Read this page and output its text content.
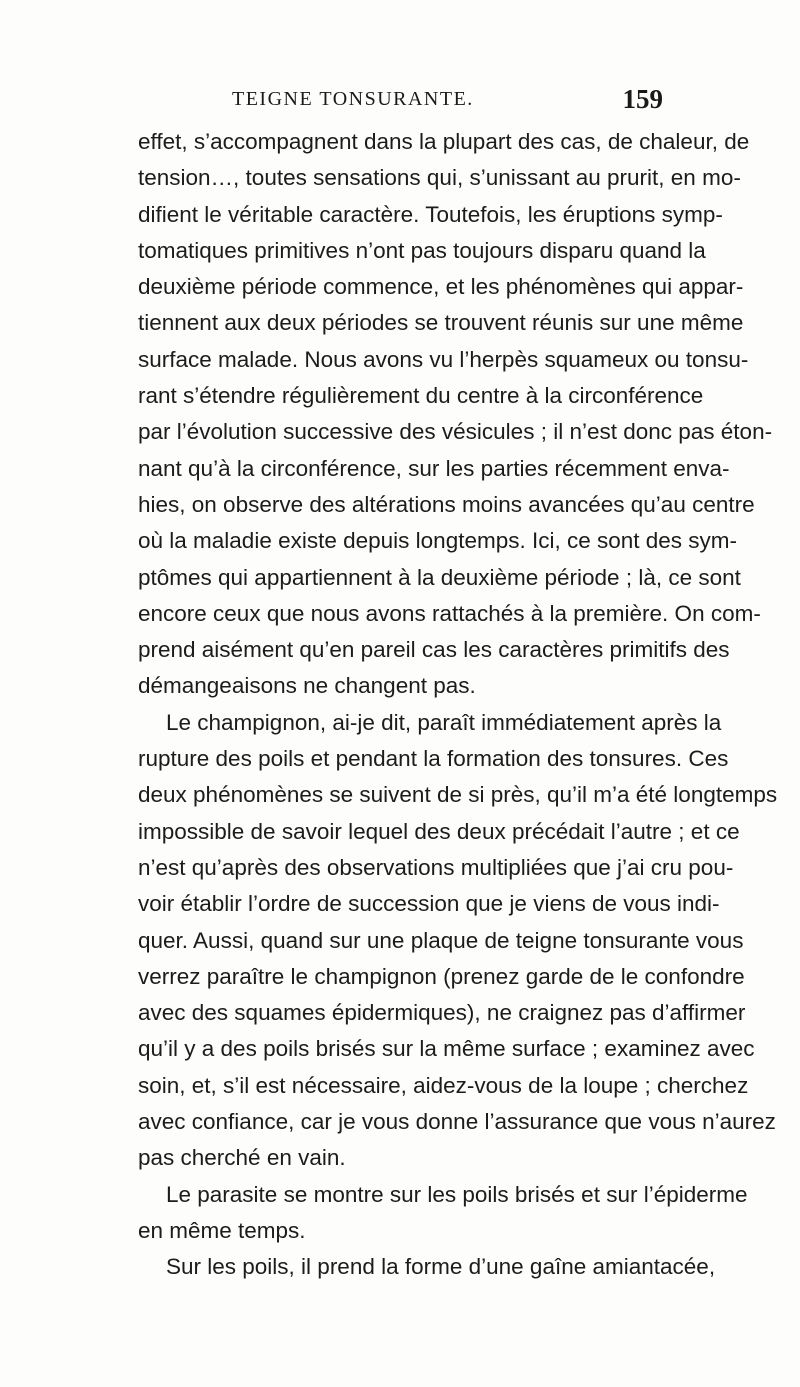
TEIGNE TONSURANTE.	159
effet, s’accompagnent dans la plupart des cas, de chaleur, de
tension…, toutes sensations qui, s’unissant au prurit, en mo-
difient le véritable caractère. Toutefois, les éruptions symp-
tomatiques primitives n’ont pas toujours disparu quand la
deuxième période commence, et les phénomènes qui appar-
tiennent aux deux périodes se trouvent réunis sur une même
surface malade. Nous avons vu l’herpès squameux ou tonsu-
rant s’étendre régulièrement du centre à la circonférence
par l’évolution successive des vésicules ; il n’est donc pas éton-
nant qu’à la circonférence, sur les parties récemment enva-
hies, on observe des altérations moins avancées qu’au centre
où la maladie existe depuis longtemps. Ici, ce sont des sym-
ptômes qui appartiennent à la deuxième période ; là, ce sont
encore ceux que nous avons rattachés à la première. On com-
prend aisément qu’en pareil cas les caractères primitifs des
démangeaisons ne changent pas.
Le champignon, ai-je dit, paraît immédiatement après la
rupture des poils et pendant la formation des tonsures. Ces
deux phénomènes se suivent de si près, qu’il m’a été longtemps
impossible de savoir lequel des deux précédait l’autre ; et ce
n’est qu’après des observations multipliées que j’ai cru pou-
voir établir l’ordre de succession que je viens de vous indi-
quer. Aussi, quand sur une plaque de teigne tonsurante vous
verrez paraître le champignon (prenez garde de le confondre
avec des squames épidermiques), ne craignez pas d’affirmer
qu’il y a des poils brisés sur la même surface ; examinez avec
soin, et, s’il est nécessaire, aidez-vous de la loupe ; cherchez
avec confiance, car je vous donne l’assurance que vous n’aurez
pas cherché en vain.
Le parasite se montre sur les poils brisés et sur l’épiderme
en même temps.
Sur les poils, il prend la forme d’une gaîne amiantacée,
